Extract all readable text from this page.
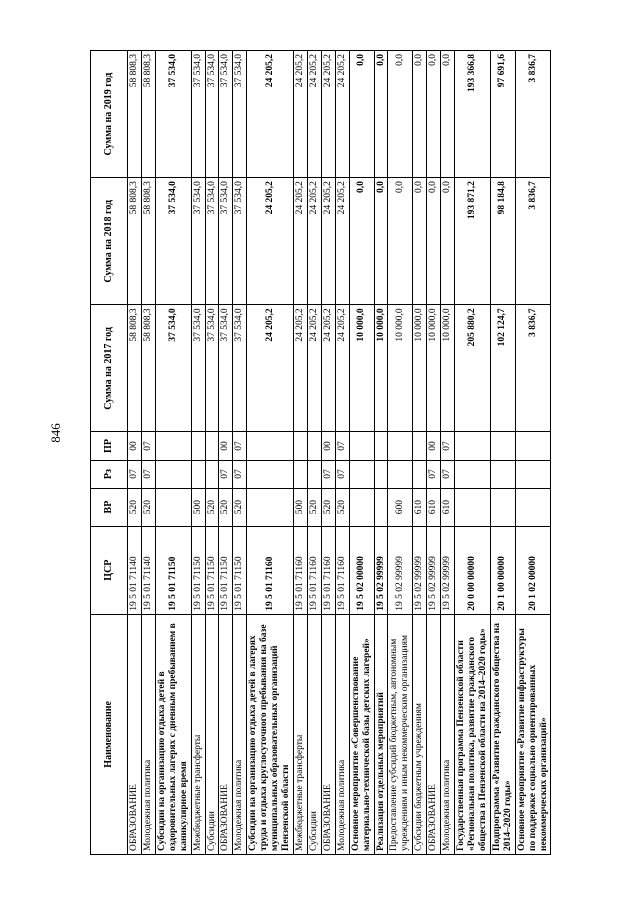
846
Наименование	ЦСР	ВР	Рз	ПР	Сумма на 2017 год	Сумма на 2018 год	Сумма на 2019 год
ОБРАЗОВАНИЕ	19 5 01 71140	520	07	00	58 808,3	58 808,3	58 808,3
Молодежная политика	19 5 01 71140	520	07	07	58 808,3	58 808,3	58 808,3
Субсидии на организацию отдыха детей в оздоровительных лагерях с дневным пребыванием в каникулярное время	19 5 01 71150				37 534,0	37 534,0	37 534,0
Межбюджетные трансферты	19 5 01 71150	500			37 534,0	37 534,0	37 534,0
Субсидии	19 5 01 71150	520			37 534,0	37 534,0	37 534,0
ОБРАЗОВАНИЕ	19 5 01 71150	520	07	00	37 534,0	37 534,0	37 534,0
Молодежная политика	19 5 01 71150	520	07	07	37 534,0	37 534,0	37 534,0
Субсидии на организацию отдыха детей в лагерях труда и отдыха круглосуточного пребывания на базе муниципальных образовательных организаций Пензенской области	19 5 01 71160				24 205,2	24 205,2	24 205,2
Межбюджетные трансферты	19 5 01 71160	500			24 205,2	24 205,2	24 205,2
Субсидии	19 5 01 71160	520			24 205,2	24 205,2	24 205,2
ОБРАЗОВАНИЕ	19 5 01 71160	520	07	00	24 205,2	24 205,2	24 205,2
Молодежная политика	19 5 01 71160	520	07	07	24 205,2	24 205,2	24 205,2
Основное мероприятие «Совершенствование материально-технической базы детских лагерей»	19 5 02 00000				10 000,0	0,0	0,0
Реализация отдельных мероприятий	19 5 02 99999				10 000,0	0,0	0,0
Предоставление субсидий бюджетным, автономным учреждениям и иным некоммерческим организациям	19 5 02 99999	600			10 000,0	0,0	0,0
Субсидии бюджетным учреждениям	19 5 02 99999	610			10 000,0	0,0	0,0
ОБРАЗОВАНИЕ	19 5 02 99999	610	07	00	10 000,0	0,0	0,0
Молодежная политика	19 5 02 99999	610	07	07	10 000,0	0,0	0,0
Государственная программа Пензенской области «Региональная политика, развитие гражданского общества в Пензенской области на 2014–2020 годы»	20 0 00 00000				205 880,2	193 871,2	193 366,8
Подпрограмма «Развитие гражданского общества на 2014–2020 годы»	20 1 00 00000				102 124,7	98 184,8	97 691,6
Основное мероприятие «Развитие инфраструктуры по поддержке социально ориентированных некоммерческих организаций»	20 1 02 00000				3 836,7	3 836,7	3 836,7
